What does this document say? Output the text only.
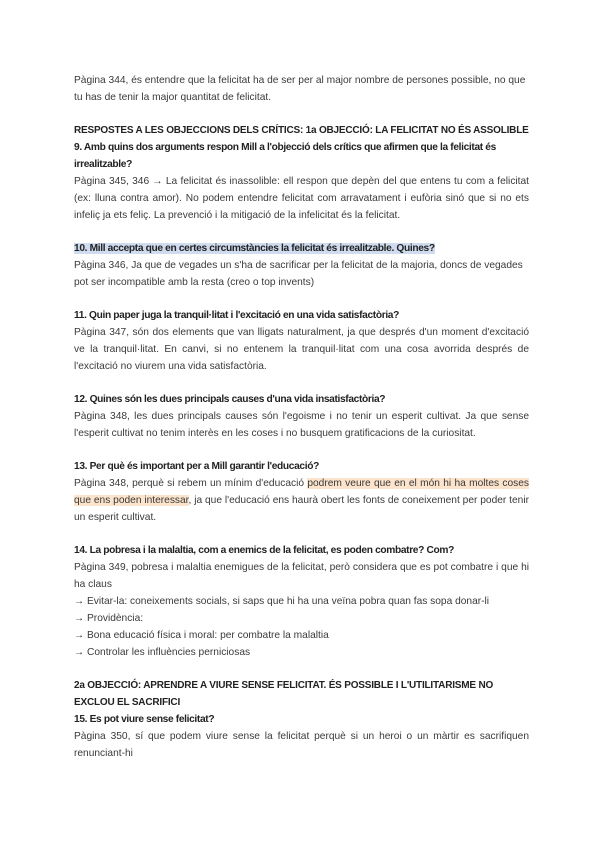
Pàgina 344, és entendre que la felicitat ha de ser per al major nombre de persones possible, no que tu has de tenir la major quantitat de felicitat.

RESPOSTES A LES OBJECCIONS DELS CRÍTICS: 1a OBJECCIÓ: LA FELICITAT NO ÉS ASSOLIBLE

9. Amb quins dos arguments respon Mill a l'objecció dels crítics que afirmen que la felicitat és irrealitzable?

Pàgina 345, 346 → La felicitat és inassolible: ell respon que depèn del que entens tu com a felicitat (ex: lluna contra amor). No podem entendre felicitat com arravatament i eufòria sinó que si no ets infeliç ja ets feliç. La prevenció i la mitigació de la infelicitat és la felicitat.

10. Mill accepta que en certes circumstàncies la felicitat és irrealitzable. Quines?

Pàgina 346, Ja que de vegades un s'ha de sacrificar per la felicitat de la majoria, doncs de vegades pot ser incompatible amb la resta (creo o top invents)

11. Quin paper juga la tranquil·litat i l'excitació en una vida satisfactòria?

Pàgina 347, són dos elements que van lligats naturalment, ja que després d'un moment d'excitació ve la tranquil·litat. En canvi, si no entenem la tranquil·litat com una cosa avorrida després de l'excitació no viurem una vida satisfactòria.

12. Quines són les dues principals causes d'una vida insatisfactòria?

Pàgina 348, les dues principals causes són l'egoisme i no tenir un esperit cultivat. Ja que sense l'esperit cultivat no tenim interès en les coses i no busquem gratificacions de la curiositat.

13. Per què és important per a Mill garantir l'educació?

Pàgina 348, perquè si rebem un mínim d'educació podrem veure que en el món hi ha moltes coses que ens poden interessar, ja que l'educació ens haurà obert les fonts de coneixement per poder tenir un esperit cultivat.

14. La pobresa i la malaltia, com a enemics de la felicitat, es poden combatre? Com?

Pàgina 349, pobresa i malaltia enemigues de la felicitat, però considera que es pot combatre i que hi ha claus

→ Evitar-la: coneixements socials, si saps que hi ha una veïna pobra quan fas sopa donar-li
→ Providència:
→ Bona educació física i moral: per combatre la malaltia
→ Controlar les influències perniciosas

2a OBJECCIÓ: APRENDRE A VIURE SENSE FELICITAT. ÉS POSSIBLE I L'UTILITARISME NO EXCLOU EL SACRIFICI

15. Es pot viure sense felicitat?

Pàgina 350, sí que podem viure sense la felicitat perquè si un heroi o un màrtir es sacrifiquen renunciant-hi
